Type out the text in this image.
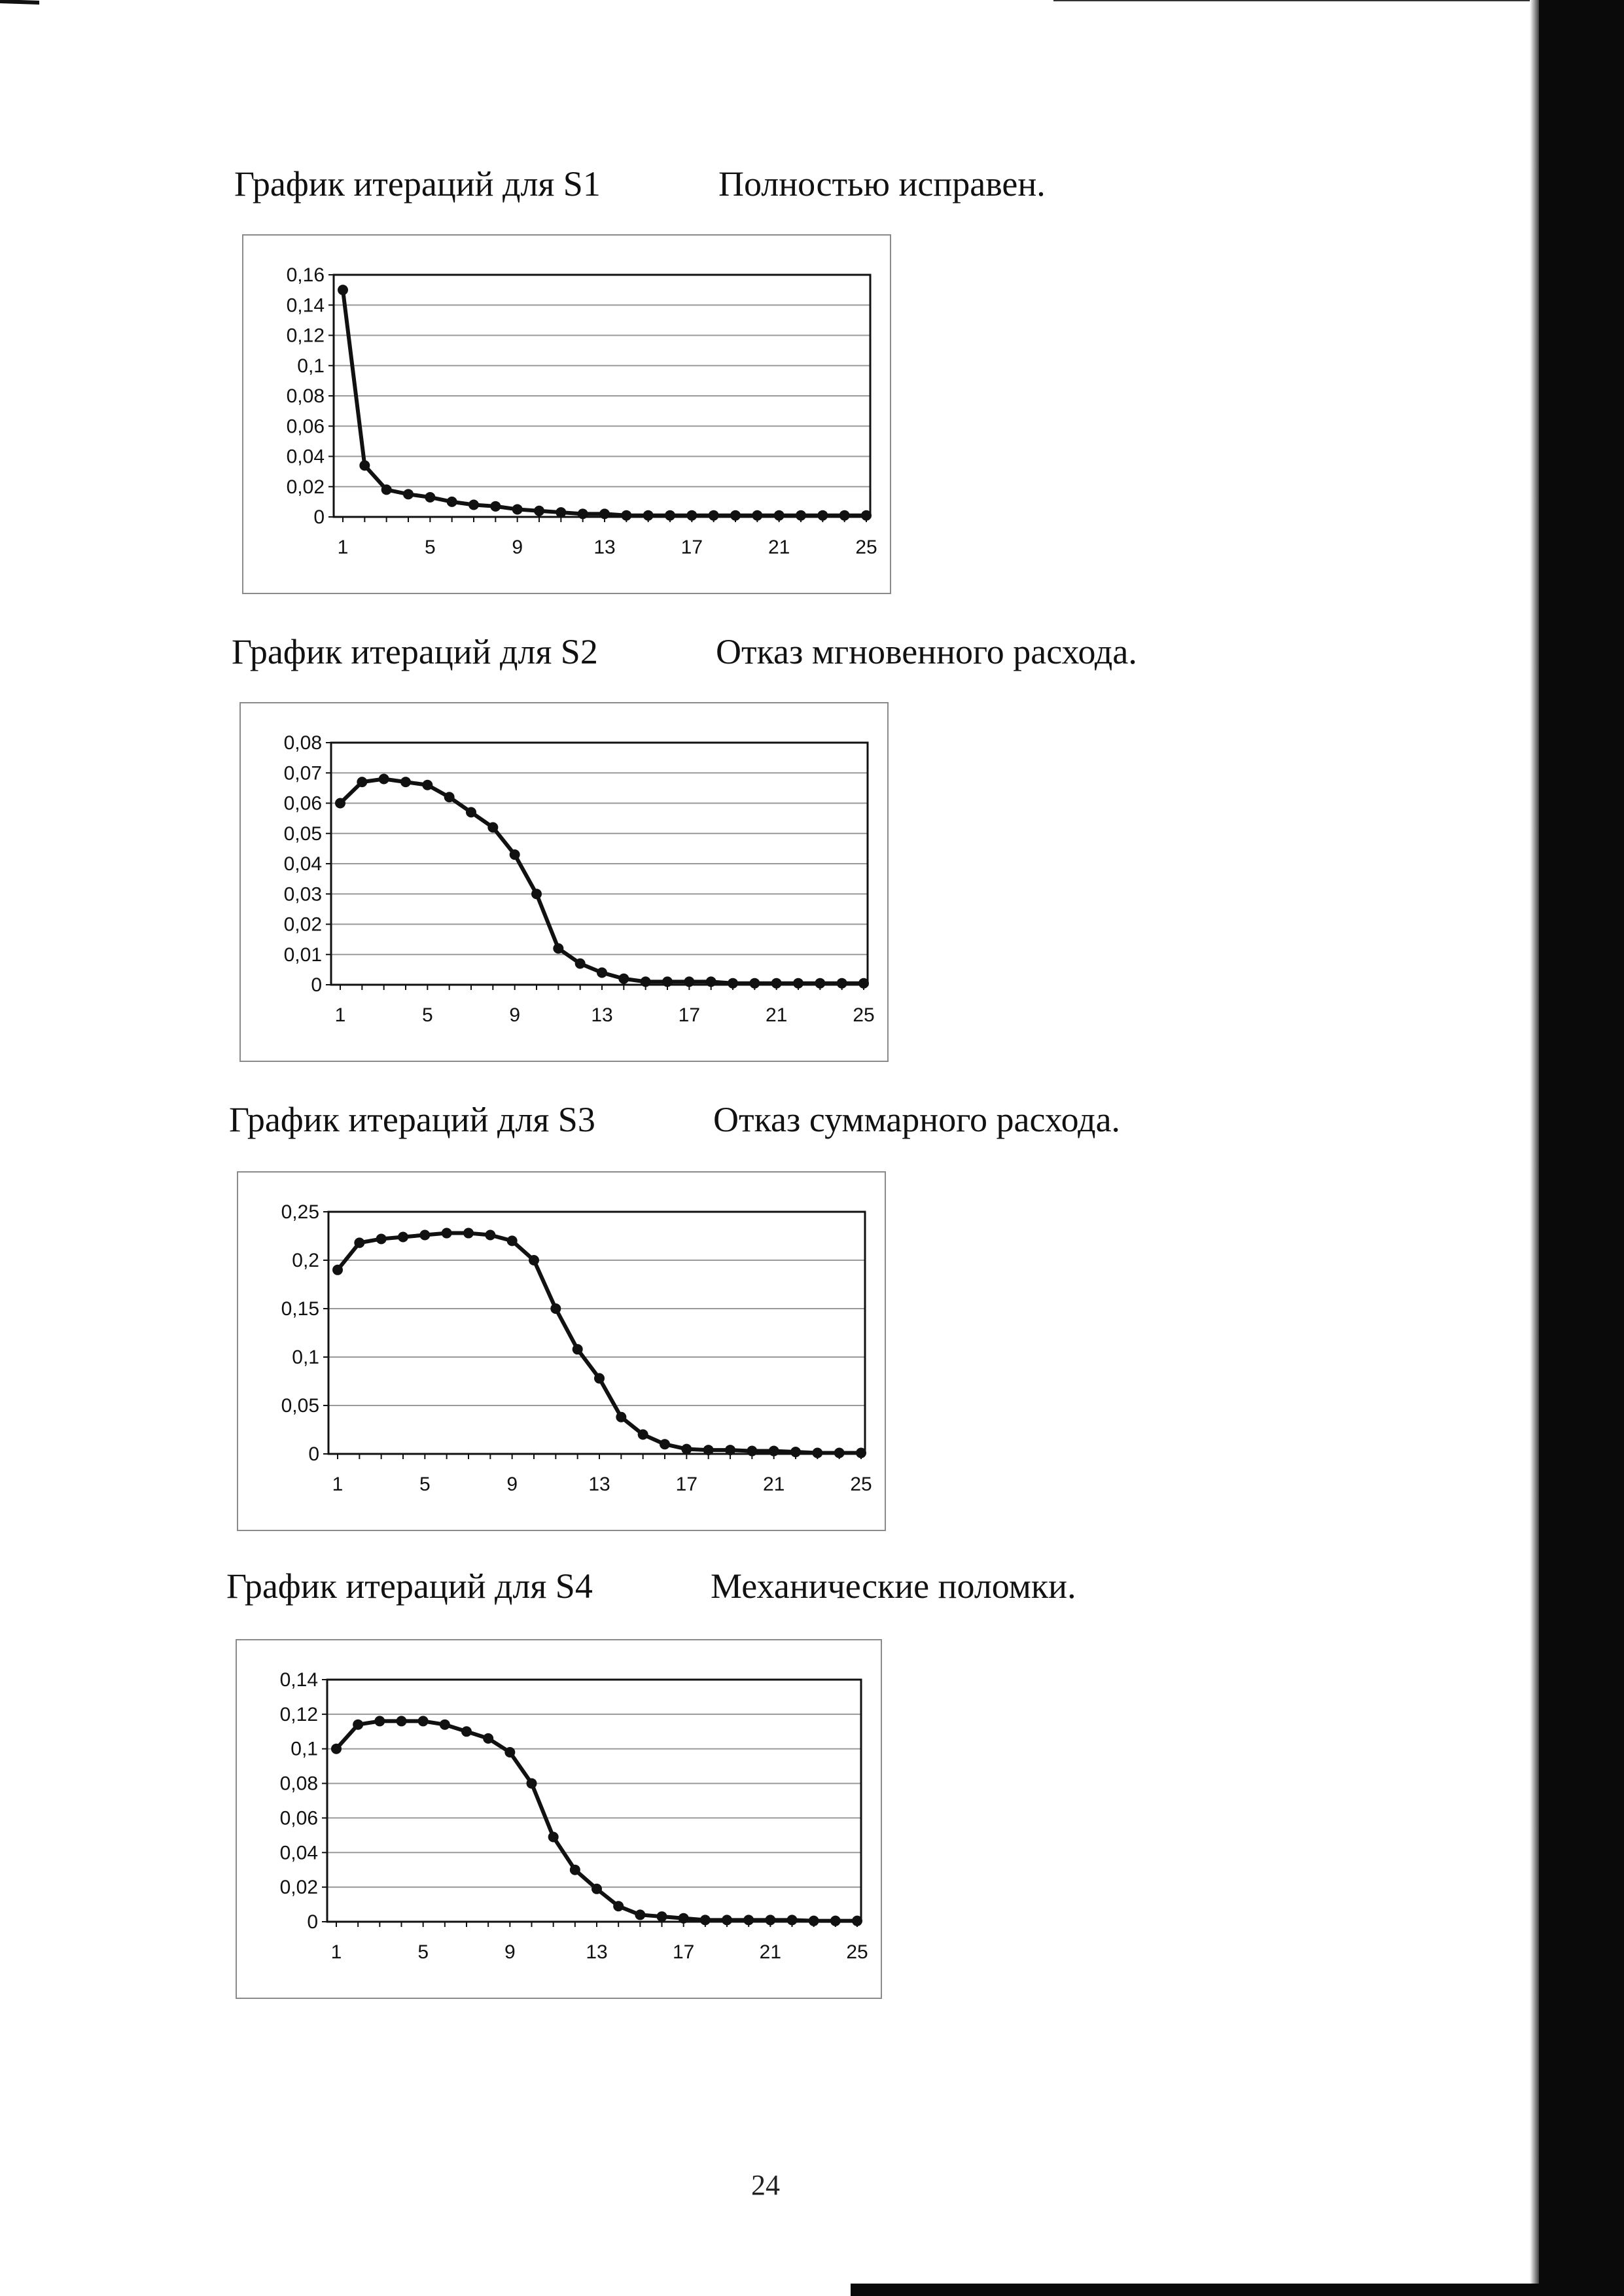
График итераций для S1	Полностью исправен.
0
0,02
0,04
0,06
0,08
0,1
0,12
0,14
0,16
1	5	9	13	17	21	25
График итераций для S2	Отказ мгновенного расхода.
0
0,01
0,02
0,03
0,04
0,05
0,06
0,07
0,08
1	5	9	13	17	21	25
График итераций для S3	Отказ суммарного расхода.
0
0,05
0,1
0,15
0,2
0,25
1	5	9	13	17	21	25
График итераций для S4	Механические поломки.
0
0,02
0,04
0,06
0,08
0,1
0,12
0,14
1	5	9	13	17	21	25
24
